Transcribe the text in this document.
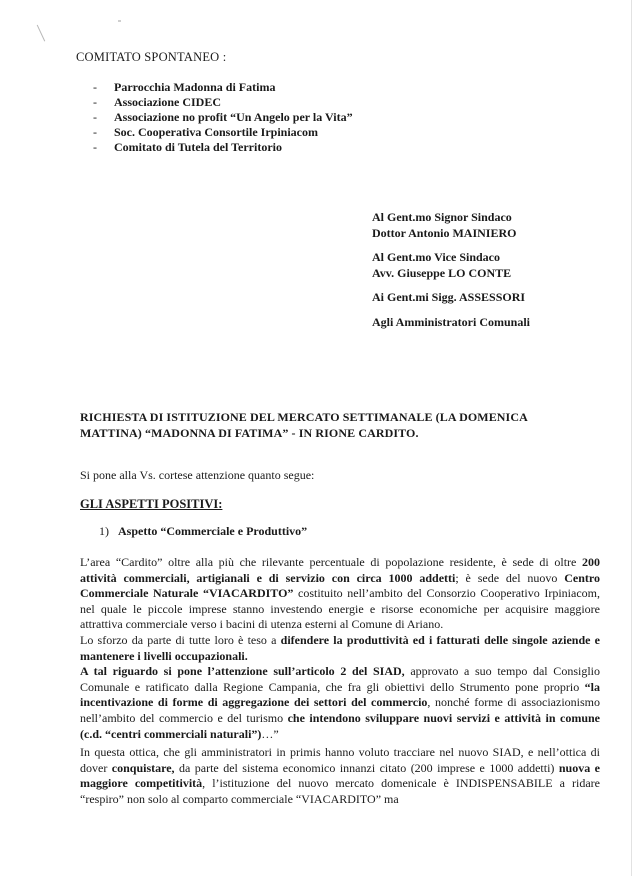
COMITATO SPONTANEO :
- Parrocchia Madonna di Fatima
- Associazione CIDEC
- Associazione no profit “Un Angelo per la Vita”
- Soc. Cooperativa Consortile Irpiniacom
- Comitato di Tutela del Territorio
Al Gent.mo Signor Sindaco
Dottor Antonio MAINIERO
Al Gent.mo Vice Sindaco
Avv. Giuseppe LO CONTE
Ai Gent.mi Sigg. ASSESSORI
Agli Amministratori Comunali
RICHIESTA DI ISTITUZIONE DEL MERCATO SETTIMANALE (LA DOMENICA
MATTINA) “MADONNA DI FATIMA” - IN RIONE CARDITO.
Si pone alla Vs. cortese attenzione quanto segue:
GLI ASPETTI POSITIVI:
1) Aspetto “Commerciale e Produttivo”
L’area “Cardito” oltre alla più che rilevante percentuale di popolazione residente, è sede di oltre 200 attività commerciali, artigianali e di servizio con circa 1000 addetti; è sede del nuovo Centro Commerciale Naturale “VIACARDITO” costituito nell’ambito del Consorzio Cooperativo Irpiniacom, nel quale le piccole imprese stanno investendo energie e risorse economiche per acquisire maggiore attrattiva commerciale verso i bacini di utenza esterni al Comune di Ariano.
Lo sforzo da parte di tutte loro è teso a difendere la produttività ed i fatturati delle singole aziende e mantenere i livelli occupazionali.
A tal riguardo si pone l’attenzione sull’articolo 2 del SIAD, approvato a suo tempo dal Consiglio Comunale e ratificato dalla Regione Campania, che fra gli obiettivi dello Strumento pone proprio “la incentivazione di forme di aggregazione dei settori del commercio, nonché forme di associazionismo nell’ambito del commercio e del turismo che intendono sviluppare nuovi servizi e attività in comune (c.d. “centri commerciali naturali”)…”
In questa ottica, che gli amministratori in primis hanno voluto tracciare nel nuovo SIAD, e nell’ottica di dover conquistare, da parte del sistema economico innanzi citato (200 imprese e 1000 addetti) nuova e maggiore competitività, l’istituzione del nuovo mercato domenicale è INDISPENSABILE a ridare “respiro” non solo al comparto commerciale “VIACARDITO” ma
